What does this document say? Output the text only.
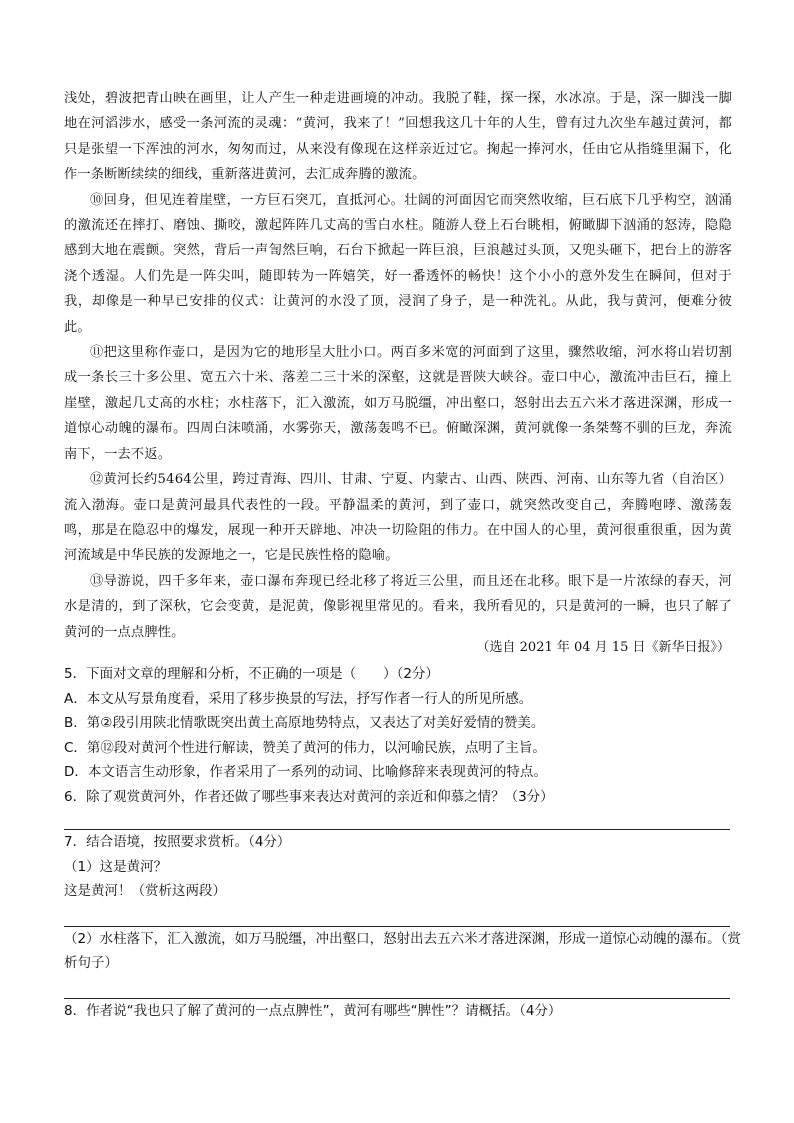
浅处，碧波把青山映在画里，让人产生一种走进画境的冲动。我脱了鞋，探一探，水冰凉。于是，深一脚浅一脚地在河滔涉水，感受一条河流的灵魂：“黄河，我来了！”回想我这几十年的人生，曾有过九次坐车越过黄河，都只是张望一下浑浊的河水，匆匆而过，从来没有像现在这样亲近过它。掬起一捧河水，任由它从指缝里漏下，化作一条断断续续的细线，重新落进黄河，去汇成奔腾的激流。

⑩回身，但见连着崖壁，一方巨石突兀，直抵河心。壮阔的河面因它而突然收缩，巨石底下几乎构空，汹涌的激流还在摔打、磨蚀、撕咬，激起阵阵几丈高的雪白水柱。随游人登上石台眺相，俯瞰脚下汹涌的怒涛，隐隐感到大地在震颤。突然，背后一声訇然巨响，石台下掀起一阵巨浪，巨浪越过头顶，又兜头砸下，把台上的游客浇个透湿。人们先是一阵尖叫，随即转为一阵嬉笑，好一番透怀的畅快！这个小小的意外发生在瞬间，但对于我，却像是一种早已安排的仪式：让黄河的水没了顶，浸润了身子，是一种洗礼。从此，我与黄河，便难分彼此。

⑪把这里称作壶口，是因为它的地形呈大肚小口。两百多米宽的河面到了这里，骤然收缩，河水将山岩切割成一条长三十多公里、宽五六十米、落差二三十米的深壑，这就是晋陕大峡谷。壶口中心，激流冲击巨石，撞上崖壁，激起几丈高的水柱；水柱落下，汇入激流，如万马脱缰，冲出壑口，怒射出去五六米才落进深渊，形成一道惊心动魄的瀑布。四周白沫喷涌，水雾弥天，激荡轰鸣不已。俯瞰深渊，黄河就像一条桀骜不驯的巨龙，奔流南下，一去不返。

⑫黄河长约5464公里，跨过青海、四川、甘肃、宁夏、内蒙古、山西、陕西、河南、山东等九省（自治区）流入渤海。壶口是黄河最具代表性的一段。平静温柔的黄河，到了壶口，就突然改变自己，奔腾咆哮、激荡轰鸣，那是在隐忍中的爆发，展现一种开天辟地、冲决一切险阻的伟力。在中国人的心里，黄河很重很重，因为黄河流域是中华民族的发源地之一，它是民族性格的隐喻。

⑬导游说，四千多年来，壶口瀑布奔现已经北移了将近三公里，而且还在北移。眼下是一片浓绿的春天，河水是清的，到了深秋，它会变黄，是泥黄，像影视里常见的。看来，我所看见的，只是黄河的一瞬，也只了解了黄河的一点点脾性。

（选自 2021 年 04 月 15 日《新华日报》）

5．下面对文章的理解和分析，不正确的一项是（　　）（2分）

A．本文从写景角度看，采用了移步换景的写法，抒写作者一行人的所见所感。

B．第②段引用陕北情歌既突出黄土高原地势特点，又表达了对美好爱情的赞美。

C．第⑫段对黄河个性进行解读，赞美了黄河的伟力，以河喻民族，点明了主旨。

D．本文语言生动形象，作者采用了一系列的动词、比喻修辞来表现黄河的特点。

6．除了观赏黄河外，作者还做了哪些事来表达对黄河的亲近和仰慕之情？（3分）

7．结合语境，按照要求赏析。（4分）

（1）这是黄河？

这是黄河！（赏析这两段）

（2）水柱落下，汇入激流，如万马脱缰，冲出壑口，怒射出去五六米才落进深渊，形成一道惊心动魄的瀑布。（赏析句子）

8．作者说“我也只了解了黄河的一点点脾性”，黄河有哪些“脾性”？请概括。（4分）
